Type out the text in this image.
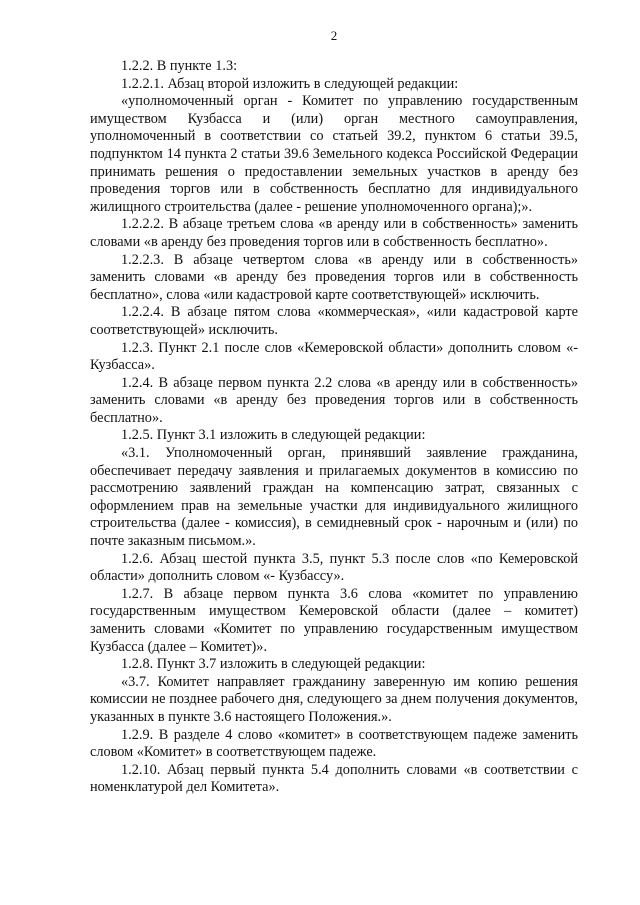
2

1.2.2. В пункте 1.3:

1.2.2.1. Абзац второй изложить в следующей редакции:

«уполномоченный орган - Комитет по управлению государственным имуществом Кузбасса и (или) орган местного самоуправления, уполномоченный в соответствии со статьей 39.2, пунктом 6 статьи 39.5, подпунктом 14 пункта 2 статьи 39.6 Земельного кодекса Российской Федерации принимать решения о предоставлении земельных участков в аренду без проведения торгов или в собственность бесплатно для индивидуального жилищного строительства (далее - решение уполномоченного органа);».

1.2.2.2. В абзаце третьем слова «в аренду или в собственность» заменить словами «в аренду без проведения торгов или в собственность бесплатно».

1.2.2.3. В абзаце четвертом слова «в аренду или в собственность» заменить словами «в аренду без проведения торгов или в собственность бесплатно», слова «или кадастровой карте соответствующей» исключить.

1.2.2.4. В абзаце пятом слова «коммерческая», «или кадастровой карте соответствующей» исключить.

1.2.3. Пункт 2.1 после слов «Кемеровской области» дополнить словом «- Кузбасса».

1.2.4. В абзаце первом пункта 2.2 слова «в аренду или в собственность» заменить словами «в аренду без проведения торгов или в собственность бесплатно».

1.2.5. Пункт 3.1 изложить в следующей редакции:

«3.1. Уполномоченный орган, принявший заявление гражданина, обеспечивает передачу заявления и прилагаемых документов в комиссию по рассмотрению заявлений граждан на компенсацию затрат, связанных с оформлением прав на земельные участки для индивидуального жилищного строительства (далее - комиссия), в семидневный срок - нарочным и (или) по почте заказным письмом.».

1.2.6. Абзац шестой пункта 3.5, пункт 5.3 после слов «по Кемеровской области» дополнить словом «- Кузбассу».

1.2.7. В абзаце первом пункта 3.6 слова «комитет по управлению государственным имуществом Кемеровской области (далее – комитет) заменить словами «Комитет по управлению государственным имуществом Кузбасса (далее – Комитет)».

1.2.8. Пункт 3.7 изложить в следующей редакции:

«3.7. Комитет направляет гражданину заверенную им копию решения комиссии не позднее рабочего дня, следующего за днем получения документов, указанных в пункте 3.6 настоящего Положения.».

1.2.9. В разделе 4 слово «комитет» в соответствующем падеже заменить словом «Комитет» в соответствующем падеже.

1.2.10. Абзац первый пункта 5.4 дополнить словами «в соответствии с номенклатурой дел Комитета».
